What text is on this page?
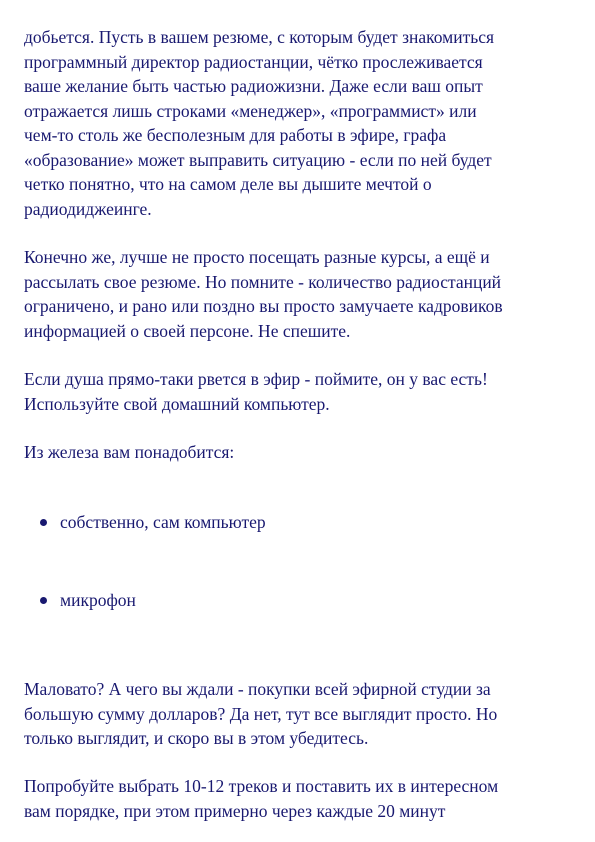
добьется. Пусть в вашем резюме, с которым будет знакомиться
программный директор радиостанции, чётко прослеживается
ваше желание быть частью радиожизни. Даже если ваш опыт
отражается лишь строками «менеджер», «программист» или
чем-то столь же бесполезным для работы в эфире, графа
«образование» может выправить ситуацию - если по ней будет
четко понятно, что на самом деле вы дышите мечтой о
радиодиджеинге.

Конечно же, лучше не просто посещать разные курсы, а ещё и
рассылать свое резюме. Но помните - количество радиостанций
ограничено, и рано или поздно вы просто замучаете кадровиков
информацией о своей персоне. Не спешите.

Если душа прямо-таки рвется в эфир - поймите, он у вас есть!
Используйте свой домашний компьютер.

Из железа вам понадобится:

собственно, сам компьютер
микрофон

Маловато? А чего вы ждали - покупки всей эфирной студии за
большую сумму долларов? Да нет, тут все выглядит просто. Но
только выглядит, и скоро вы в этом убедитесь.

Попробуйте выбрать 10-12 треков и поставить их в интересном
вам порядке, при этом примерно через каждые 20 минут
